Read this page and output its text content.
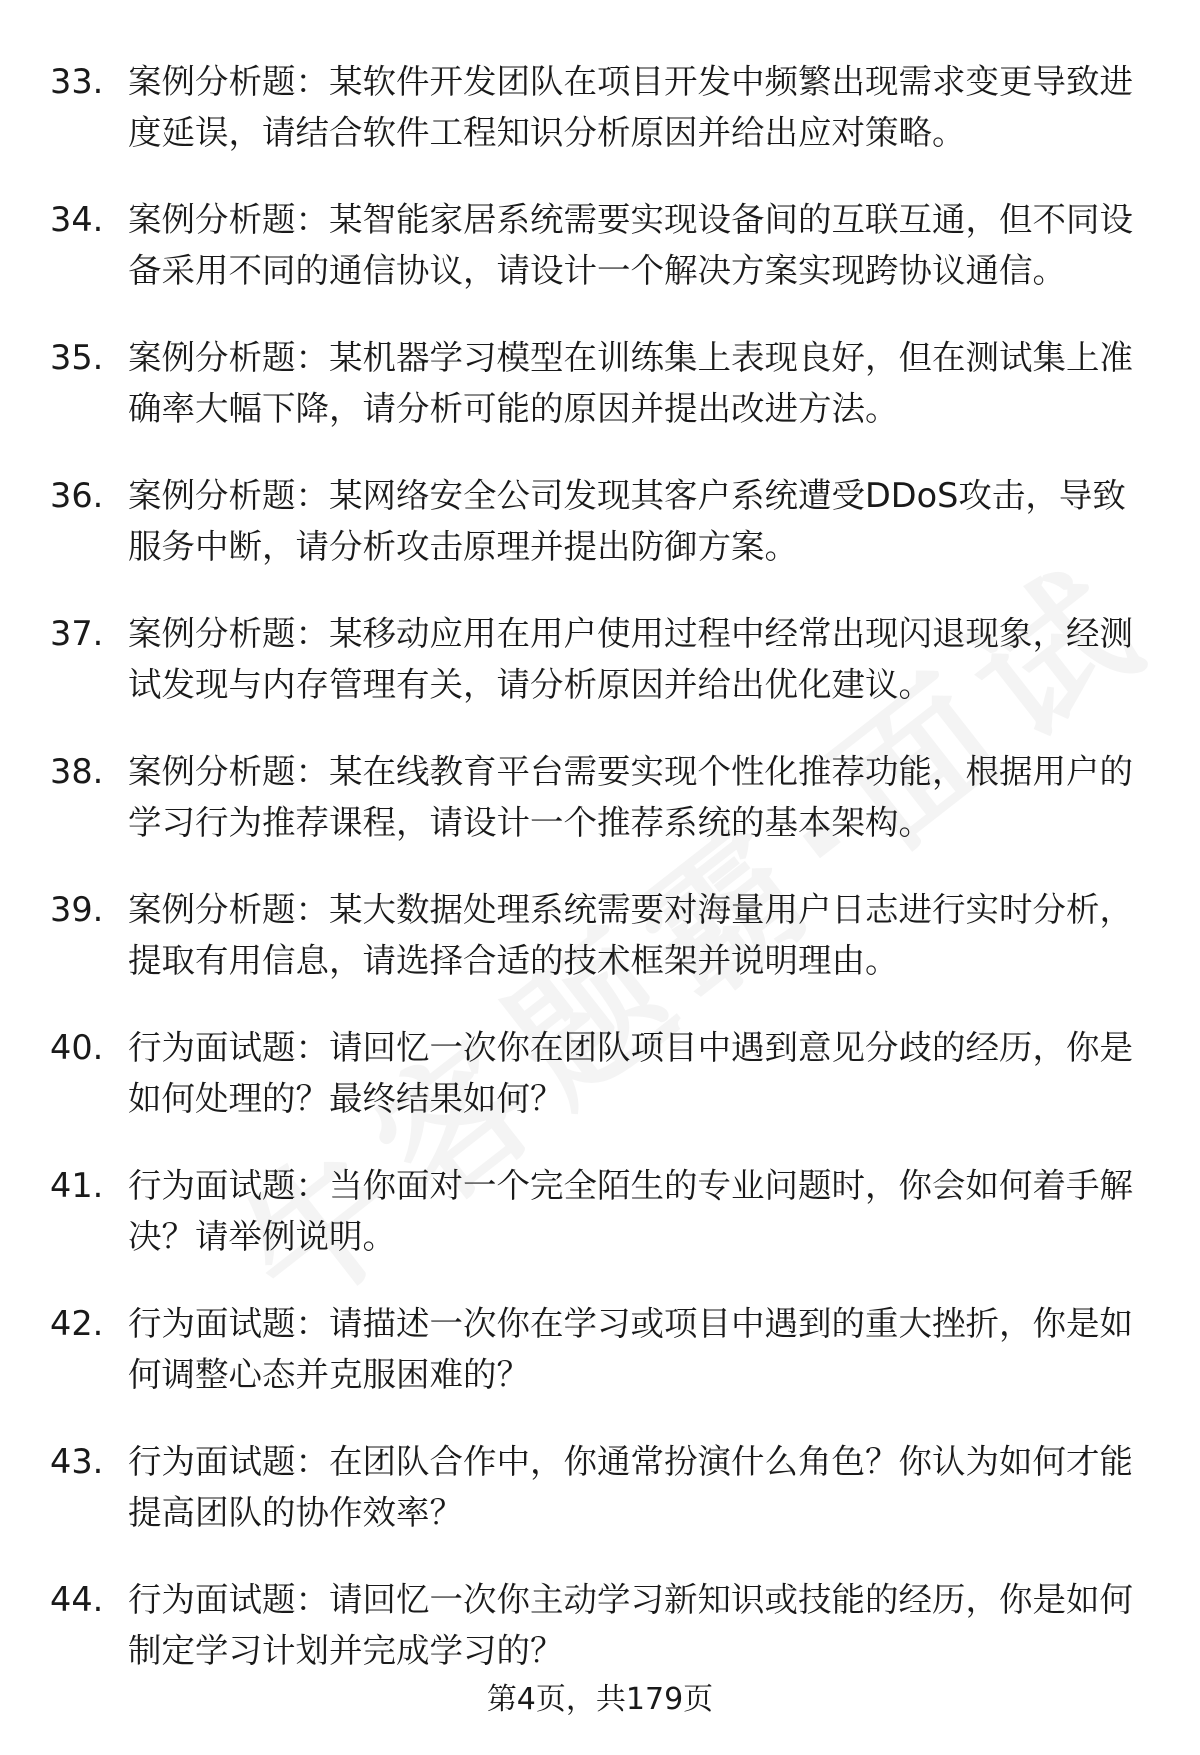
33. 案例分析题：某软件开发团队在项目开发中频繁出现需求变更导致进度延误，请结合软件工程知识分析原因并给出应对策略。
34. 案例分析题：某智能家居系统需要实现设备间的互联互通，但不同设备采用不同的通信协议，请设计一个解决方案实现跨协议通信。
35. 案例分析题：某机器学习模型在训练集上表现良好，但在测试集上准确率大幅下降，请分析可能的原因并提出改进方法。
36. 案例分析题：某网络安全公司发现其客户系统遭受DDoS攻击，导致服务中断，请分析攻击原理并提出防御方案。
37. 案例分析题：某移动应用在用户使用过程中经常出现闪退现象，经测试发现与内存管理有关，请分析原因并给出优化建议。
38. 案例分析题：某在线教育平台需要实现个性化推荐功能，根据用户的学习行为推荐课程，请设计一个推荐系统的基本架构。
39. 案例分析题：某大数据处理系统需要对海量用户日志进行实时分析，提取有用信息，请选择合适的技术框架并说明理由。
40. 行为面试题：请回忆一次你在团队项目中遇到意见分歧的经历，你是如何处理的？最终结果如何？
41. 行为面试题：当你面对一个完全陌生的专业问题时，你会如何着手解决？请举例说明。
42. 行为面试题：请描述一次你在学习或项目中遇到的重大挫折，你是如何调整心态并克服困难的？
43. 行为面试题：在团队合作中，你通常扮演什么角色？你认为如何才能提高团队的协作效率？
44. 行为面试题：请回忆一次你主动学习新知识或技能的经历，你是如何制定学习计划并完成学习的？
第4页，共179页
